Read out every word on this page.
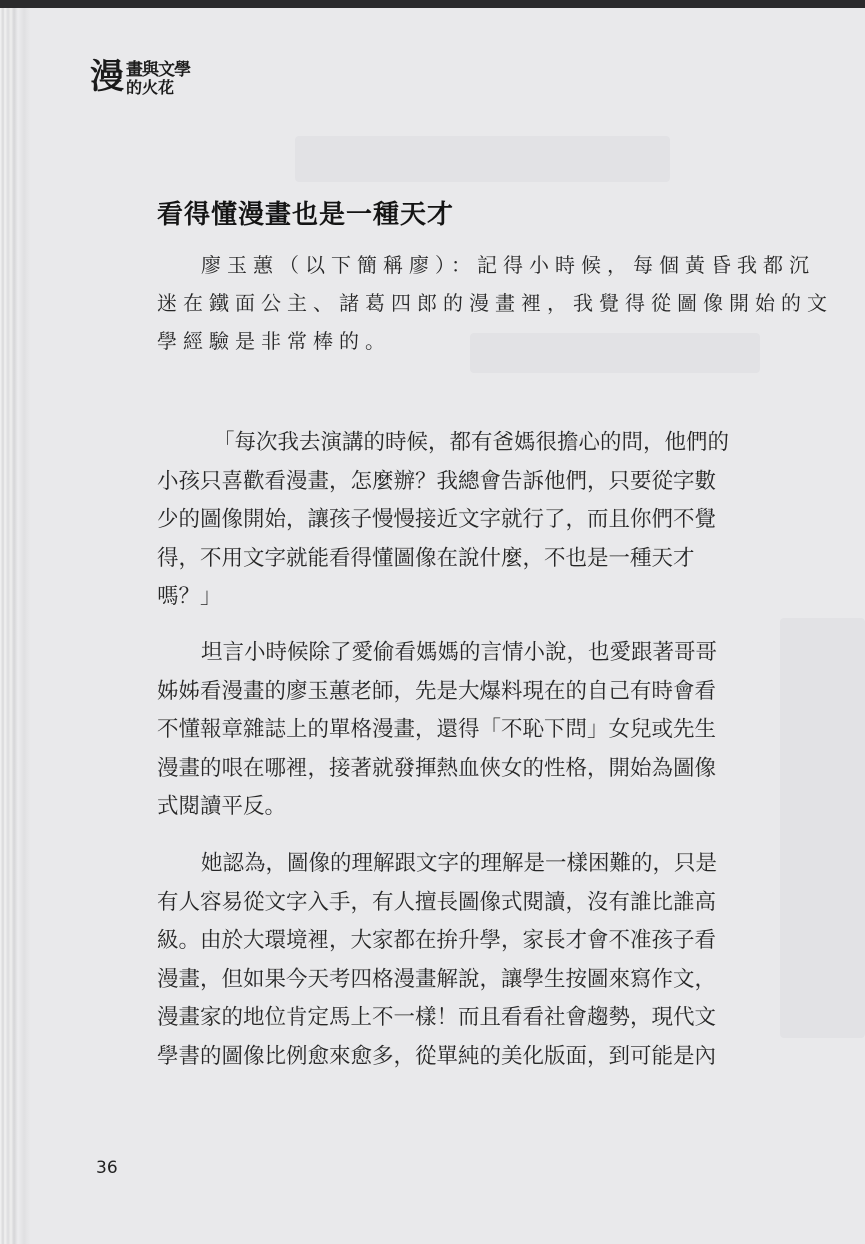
漫 畫與文學
的火花
看得懂漫畫也是一種天才
廖玉蕙（以下簡稱廖）：記得小時候，每個黃昏我都沉
迷在鐵面公主、諸葛四郎的漫畫裡，我覺得從圖像開始的文
學經驗是非常棒的。
「每次我去演講的時候，都有爸媽很擔心的問，他們的
小孩只喜歡看漫畫，怎麼辦？我總會告訴他們，只要從字數
少的圖像開始，讓孩子慢慢接近文字就行了，而且你們不覺
得，不用文字就能看得懂圖像在說什麼，不也是一種天才
嗎？」
坦言小時候除了愛偷看媽媽的言情小說，也愛跟著哥哥
姊姊看漫畫的廖玉蕙老師，先是大爆料現在的自己有時會看
不懂報章雜誌上的單格漫畫，還得「不恥下問」女兒或先生
漫畫的哏在哪裡，接著就發揮熱血俠女的性格，開始為圖像
式閱讀平反。
她認為，圖像的理解跟文字的理解是一樣困難的，只是
有人容易從文字入手，有人擅長圖像式閱讀，沒有誰比誰高
級。由於大環境裡，大家都在拚升學，家長才會不准孩子看
漫畫，但如果今天考四格漫畫解說，讓學生按圖來寫作文，
漫畫家的地位肯定馬上不一樣！而且看看社會趨勢，現代文
學書的圖像比例愈來愈多，從單純的美化版面，到可能是內
36
